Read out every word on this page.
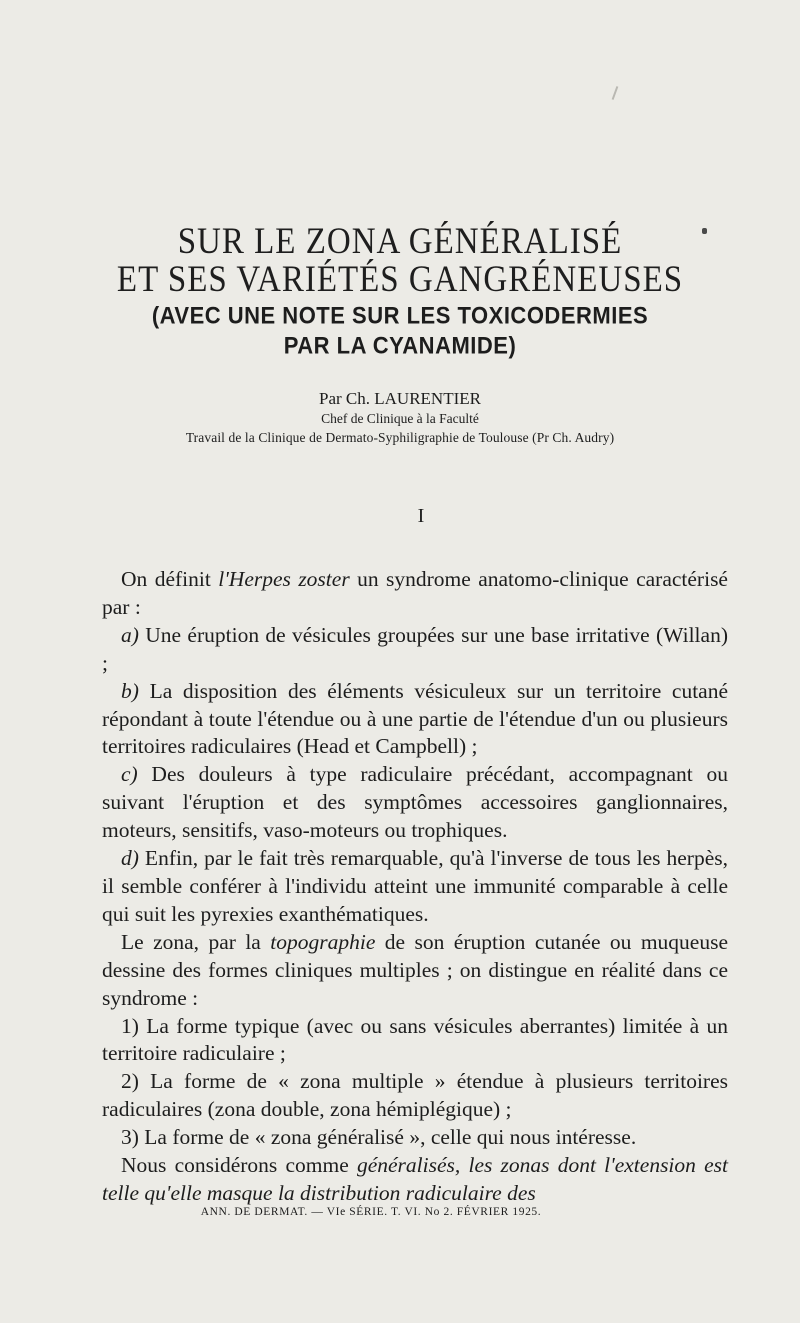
SUR LE ZONA GÉNÉRALISÉ
ET SES VARIÉTÉS GANGRÉNEUSES
(AVEC UNE NOTE SUR LES TOXICODERMIES
PAR LA CYANAMIDE)
Par Ch. LAURENTIER
Chef de Clinique à la Faculté
Travail de la Clinique de Dermato-Syphiligraphie de Toulouse (Pr Ch. Audry)
I

On définit l'Herpes zoster un syndrome anatomo-clinique caractérisé par :

a) Une éruption de vésicules groupées sur une base irritative (Willan) ;

b) La disposition des éléments vésiculeux sur un territoire cutané répondant à toute l'étendue ou à une partie de l'étendue d'un ou plusieurs territoires radiculaires (Head et Campbell) ;

c) Des douleurs à type radiculaire précédant, accompagnant ou suivant l'éruption et des symptômes accessoires ganglionnaires, moteurs, sensitifs, vaso-moteurs ou trophiques.

d) Enfin, par le fait très remarquable, qu'à l'inverse de tous les herpès, il semble conférer à l'individu atteint une immunité comparable à celle qui suit les pyrexies exanthématiques.

Le zona, par la topographie de son éruption cutanée ou muqueuse dessine des formes cliniques multiples ; on distingue en réalité dans ce syndrome :

1) La forme typique (avec ou sans vésicules aberrantes) limitée à un territoire radiculaire ;

2) La forme de « zona multiple » étendue à plusieurs territoires radiculaires (zona double, zona hémiplégique) ;

3) La forme de « zona généralisé », celle qui nous intéresse.

Nous considérons comme généralisés, les zonas dont l'extension est telle qu'elle masque la distribution radiculaire des

ANN. DE DERMAT. — VIe SÉRIE. T. VI. No 2. FÉVRIER 1925.
